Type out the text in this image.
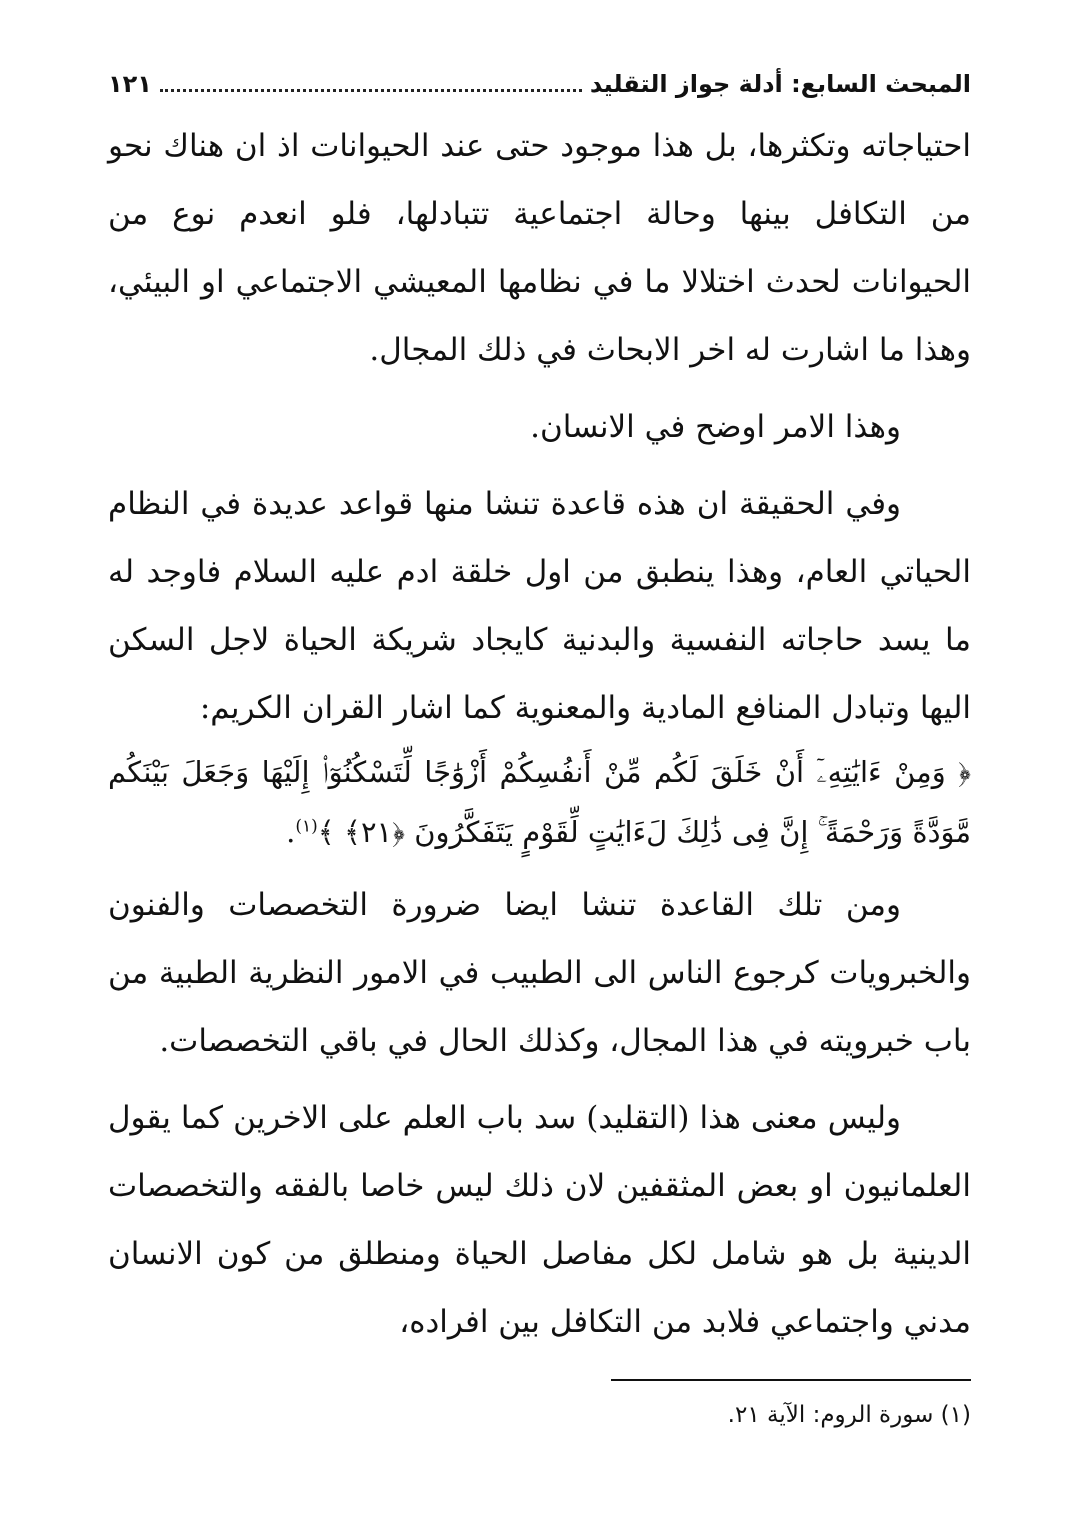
المبحث السابع: أدلة جواز التقليد
١٢١

احتياجاته وتكثرها، بل هذا موجود حتى عند الحيوانات اذ ان هناك نحو من التكافل بينها وحالة اجتماعية تتبادلها، فلو انعدم نوع من الحيوانات لحدث اختلالا ما في نظامها المعيشي الاجتماعي او البيئي، وهذا ما اشارت له اخر الابحاث في ذلك المجال.

وهذا الامر اوضح في الانسان.

وفي الحقيقة ان هذه قاعدة تنشا منها قواعد عديدة في النظام الحياتي العام، وهذا ينطبق من اول خلقة ادم عليه السلام فاوجد له ما يسد حاجاته النفسية والبدنية كايجاد شريكة الحياة لاجل السكن اليها وتبادل المنافع المادية والمعنوية كما اشار القران الكريم:

﴿ وَمِنْ ءَايَٰتِهِۦٓ أَنْ خَلَقَ لَكُم مِّنْ أَنفُسِكُمْ أَزْوَٰجًا لِّتَسْكُنُوٓا۟ إِلَيْهَا وَجَعَلَ بَيْنَكُم مَّوَدَّةً وَرَحْمَةً ۚ إِنَّ فِى ذَٰلِكَ لَءَايَٰتٍ لِّقَوْمٍ يَتَفَكَّرُونَ ﴿٢١﴾ ﴾$^{(١)}$.

ومن تلك القاعدة تنشا ايضا ضرورة التخصصات والفنون والخبرويات كرجوع الناس الى الطبيب في الامور النظرية الطبية من باب خبرويته في هذا المجال، وكذلك الحال في باقي التخصصات.

وليس معنى هذا (التقليد) سد باب العلم على الاخرين كما يقول العلمانيون او بعض المثقفين لان ذلك ليس خاصا بالفقه والتخصصات الدينية بل هو شامل لكل مفاصل الحياة ومنطلق من كون الانسان مدني واجتماعي فلابد من التكافل بين افراده،

(١) سورة الروم: الآية ٢١.
